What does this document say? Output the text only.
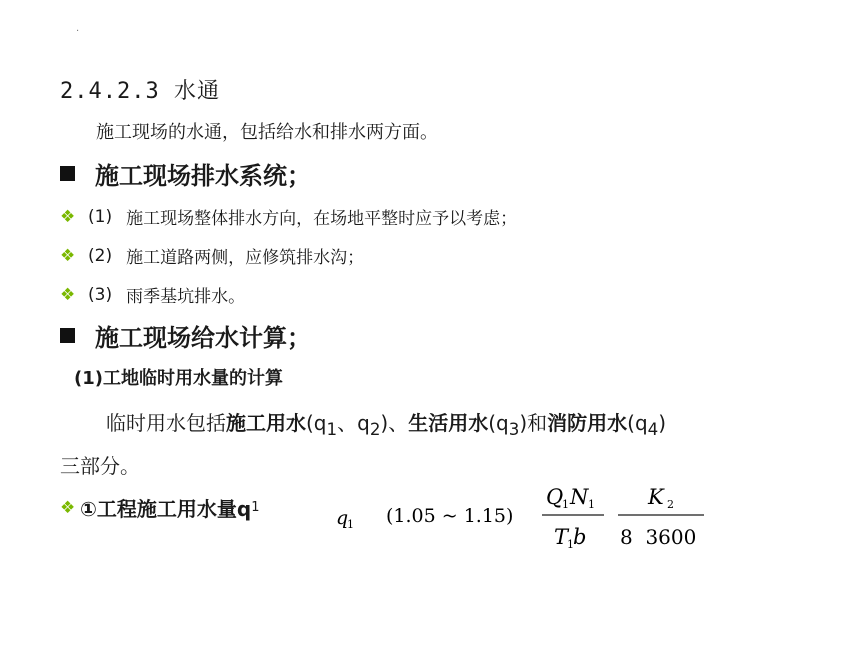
·
2.4.2.3 水通
施工现场的水通，包括给水和排水两方面。
施工现场排水系统；
❖ (1) 施工现场整体排水方向，在场地平整时应予以考虑；
❖ (2) 施工道路两侧，应修筑排水沟；
❖ (3) 雨季基坑排水。
施工现场给水计算；
(1)工地临时用水量的计算
临时用水包括施工用水($q_1$、$q_2$)、生活用水$(q_3)$和消防用水$(q_4)$
三部分。
❖ ①工程施工用水量q 1	q
1 (1.05 ~ 1.15)
Q
1 N 1
T
1 b
K 2
8  3600
